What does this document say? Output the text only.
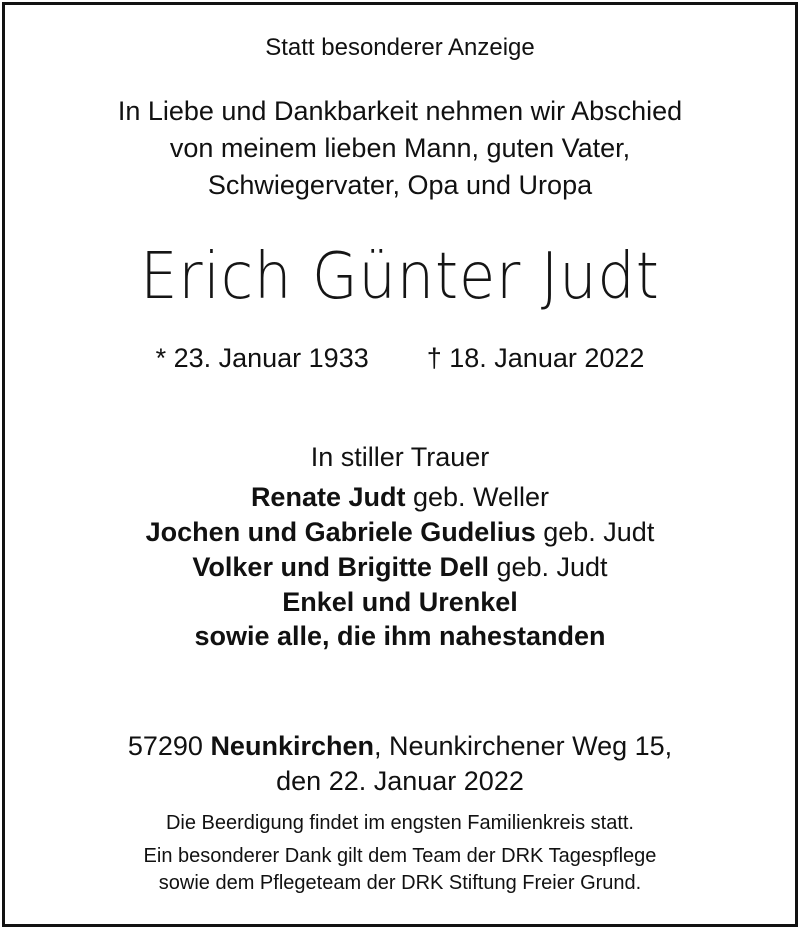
Statt besonderer Anzeige
In Liebe und Dankbarkeit nehmen wir Abschied
von meinem lieben Mann, guten Vater,
Schwiegervater, Opa und Uropa
Erich Günter Judt
* 23. Januar 1933 † 18. Januar 2022
In stiller Trauer
Renate Judt geb. Weller
Jochen und Gabriele Gudelius geb. Judt
Volker und Brigitte Dell geb. Judt
Enkel und Urenkel
sowie alle, die ihm nahestanden
57290 Neunkirchen, Neunkirchener Weg 15,
den 22. Januar 2022
Die Beerdigung findet im engsten Familienkreis statt.
Ein besonderer Dank gilt dem Team der DRK Tagespflege
sowie dem Pflegeteam der DRK Stiftung Freier Grund.
